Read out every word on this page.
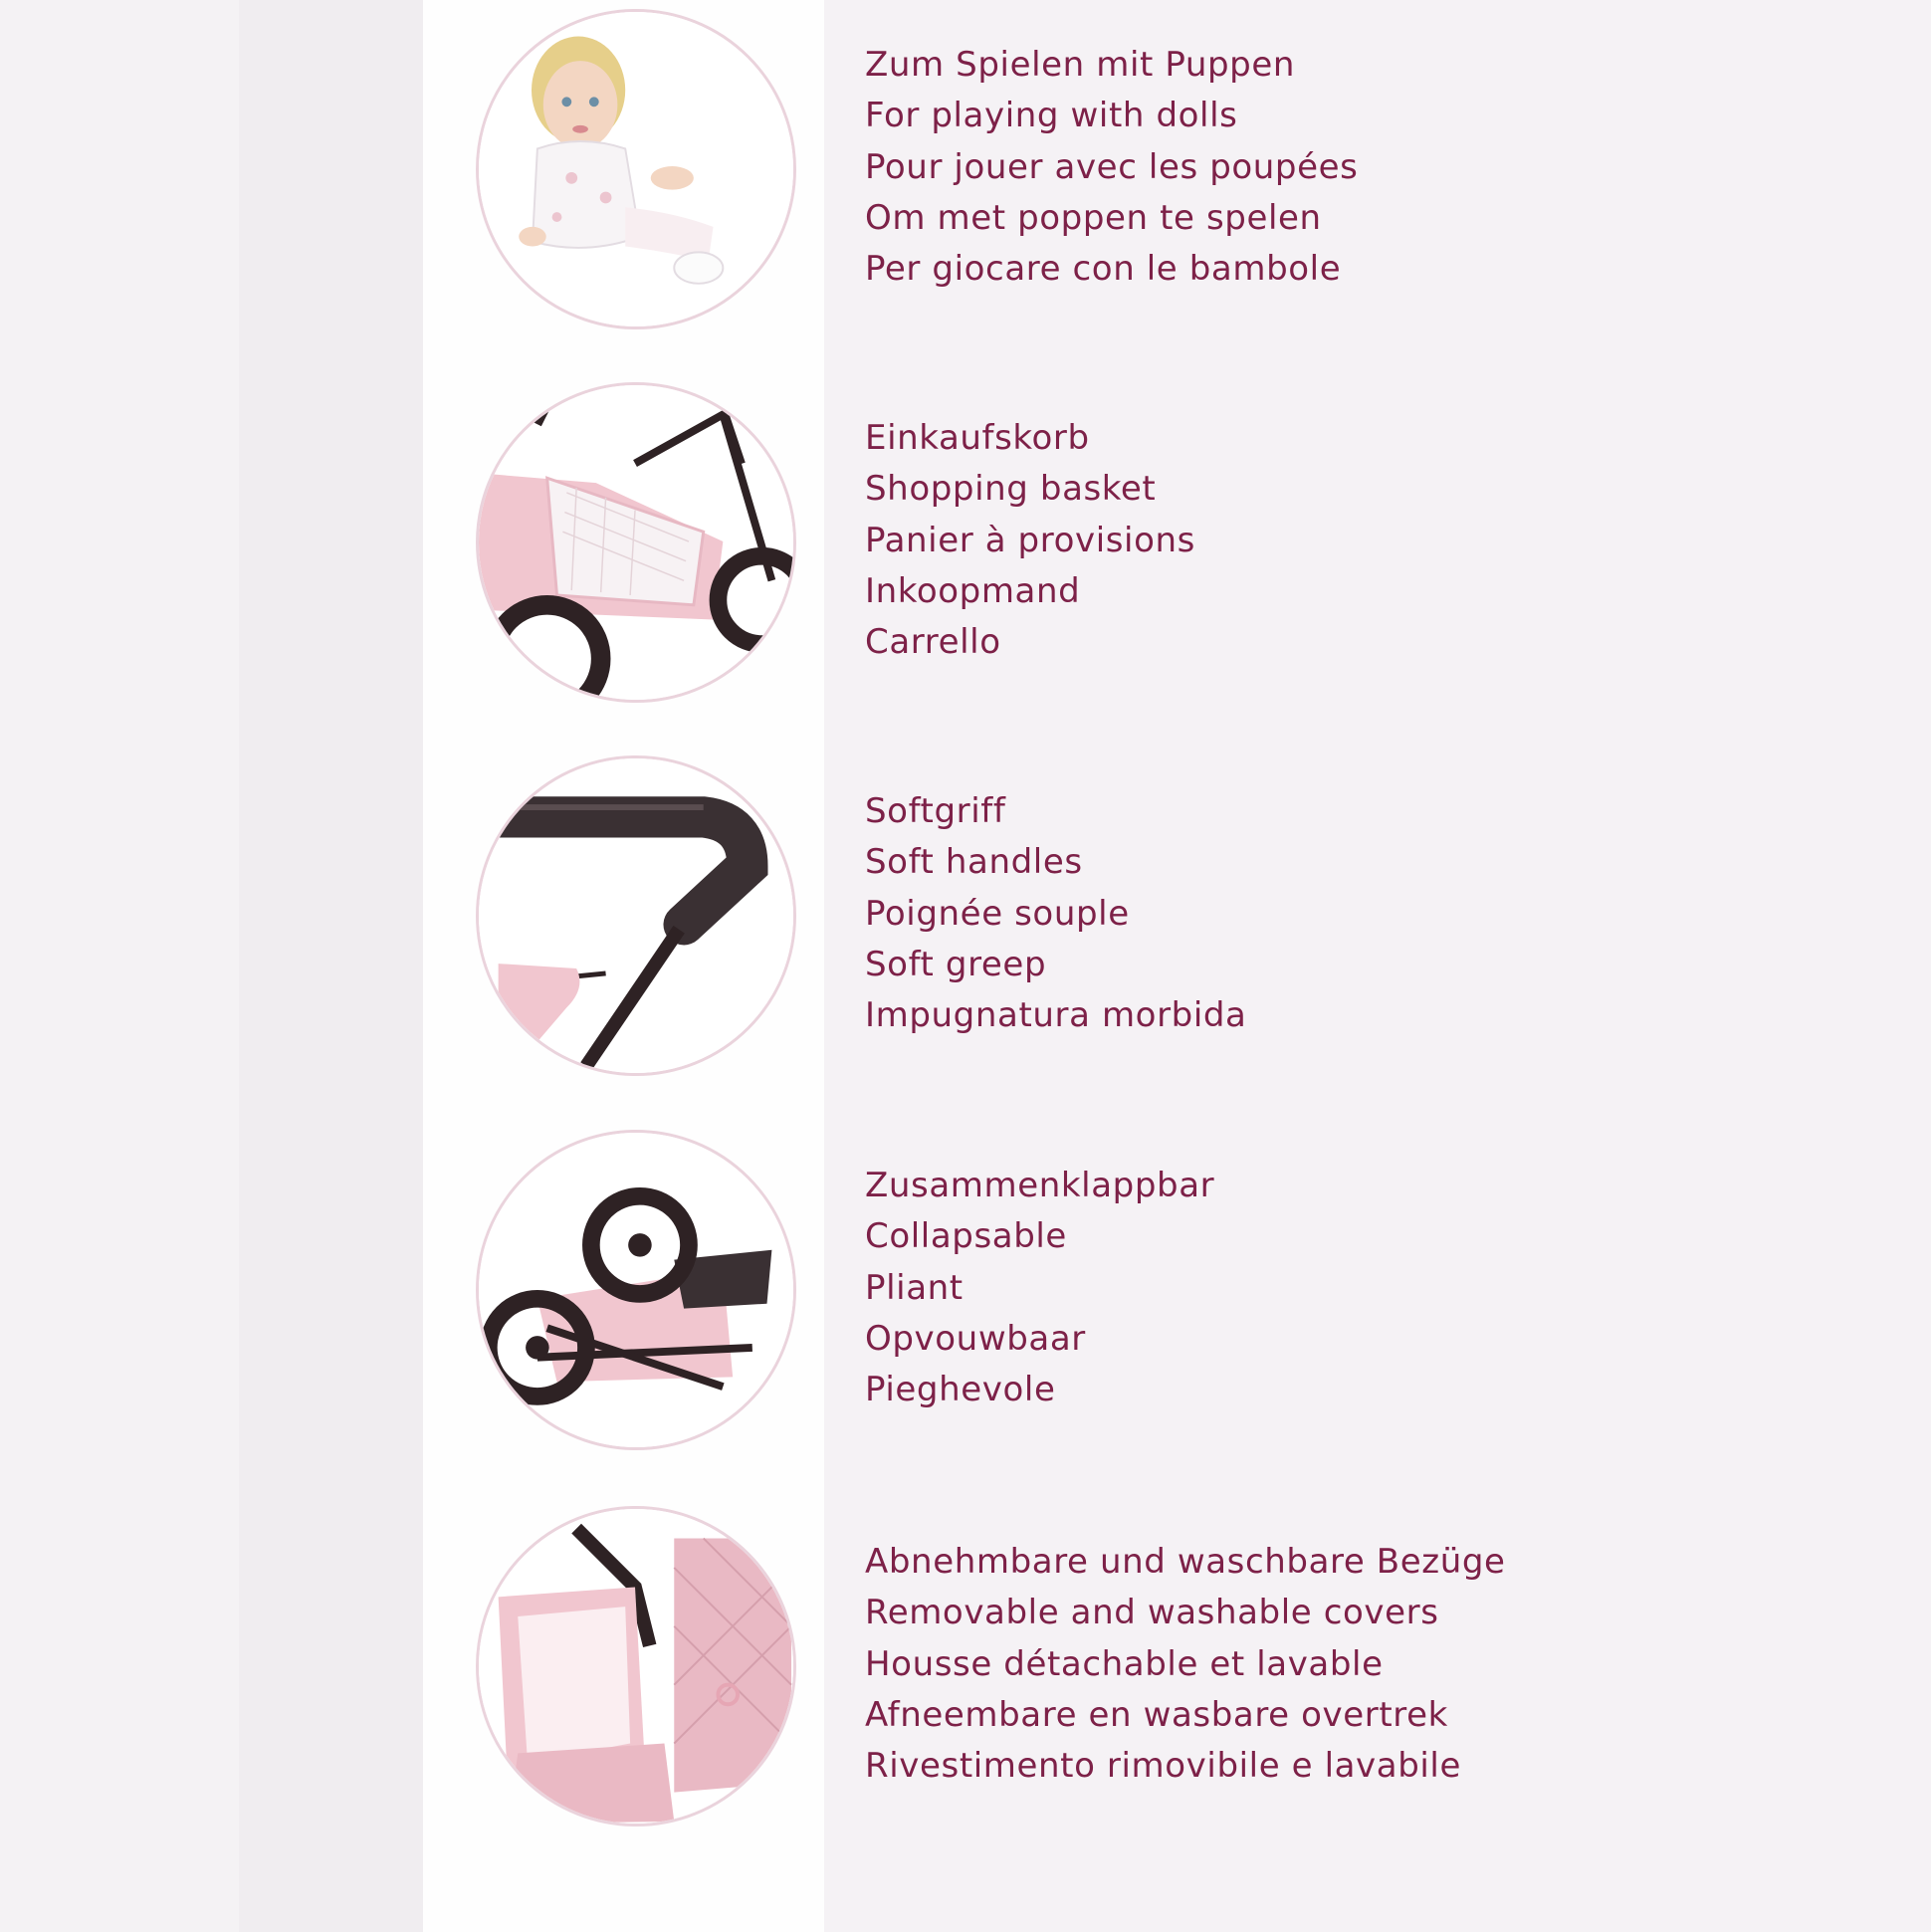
Zum Spielen mit Puppen
For playing with dolls
Pour jouer avec les poupées
Om met poppen te spelen
Per giocare con le bambole
Einkaufskorb
Shopping basket
Panier à provisions
Inkoopmand
Carrello
Softgriff
Soft handles
Poignée souple
Soft greep
Impugnatura morbida
Zusammenklappbar
Collapsable
Pliant
Opvouwbaar
Pieghevole
Abnehmbare und waschbare Bezüge
Removable and washable covers
Housse détachable et lavable
Afneembare en wasbare overtrek
Rivestimento rimovibile e lavabile
